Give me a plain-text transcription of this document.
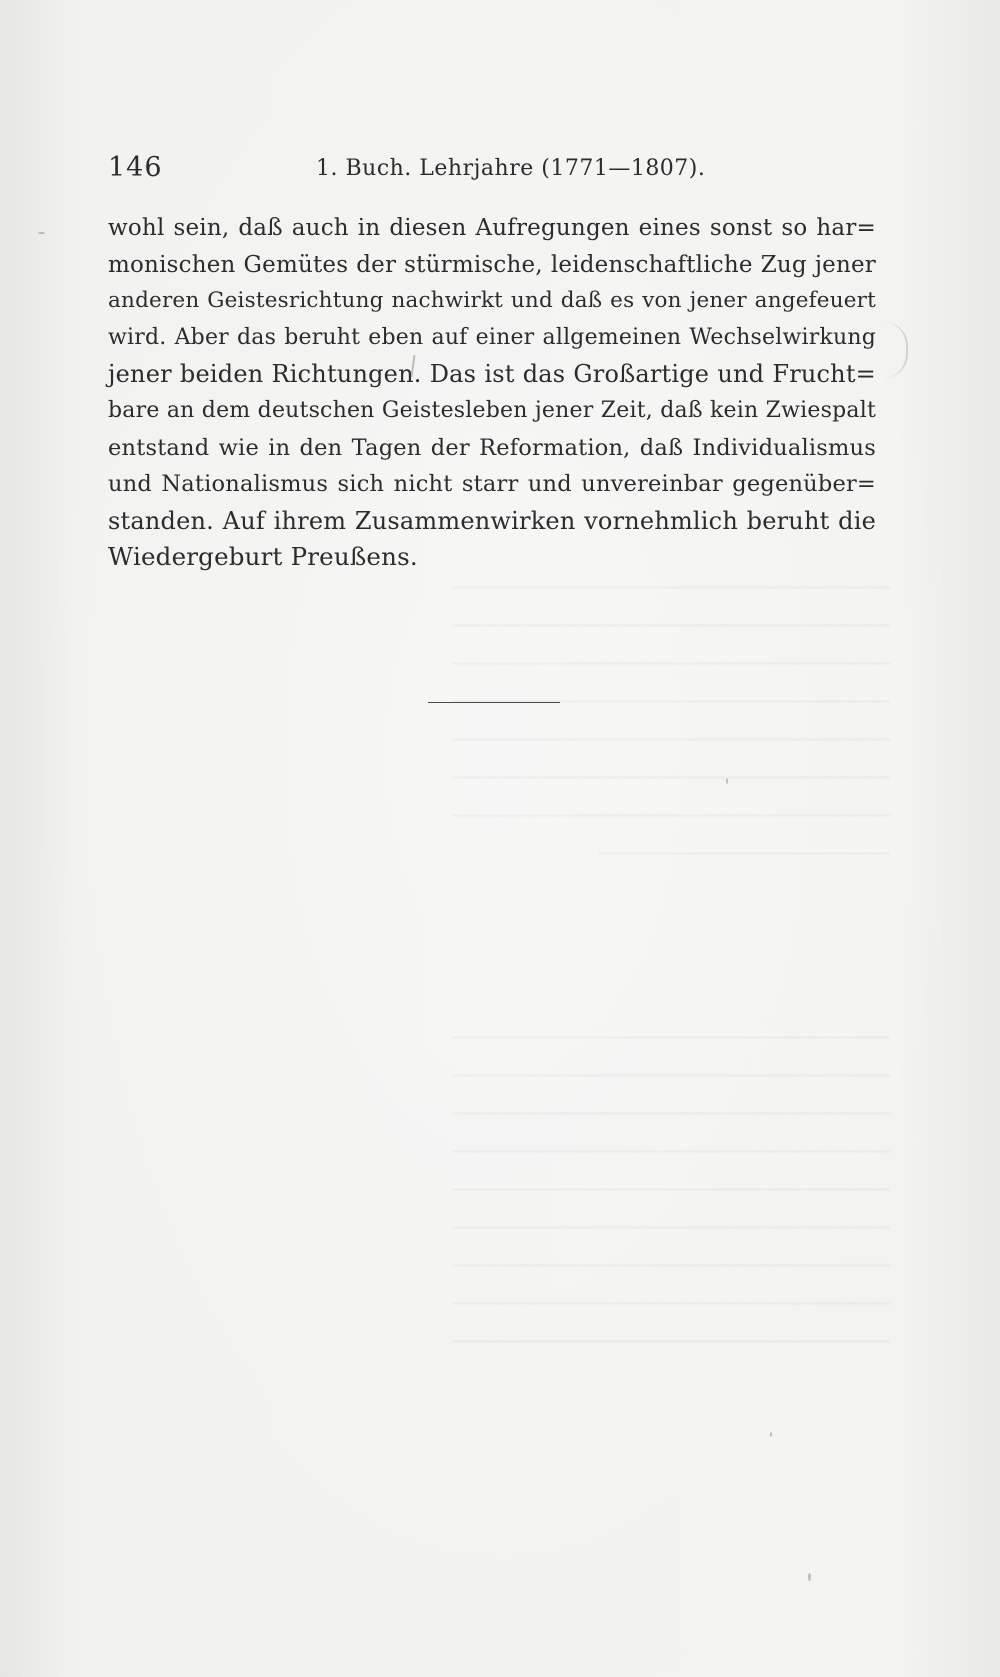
─────────────────────────────────
─────────────────────────────────
─────────────────────────────────
─────────────────────────────────
─────────────────────────────────
─────────────────────────────────
─────────────────────────────────
──────────────────────
─────────────────────────────────
─────────────────────────────────
─────────────────────────────────
─────────────────────────────────
─────────────────────────────────
─────────────────────────────────
─────────────────────────────────
─────────────────────────────────
─────────────────────────────────
146	1. Buch. Lehrjahre (1771—1807).
wohl sein, daß auch in diesen Aufregungen eines sonst so har=
monischen Gemütes der stürmische, leidenschaftliche Zug jener
anderen Geistesrichtung nachwirkt und daß es von jener angefeuert
wird. Aber das beruht eben auf einer allgemeinen Wechselwirkung
jener beiden Richtungen. Das ist das Großartige und Frucht=
bare an dem deutschen Geistesleben jener Zeit, daß kein Zwiespalt
entstand wie in den Tagen der Reformation, daß Individualismus
und Nationalismus sich nicht starr und unvereinbar gegenüber=
standen. Auf ihrem Zusammenwirken vornehmlich beruht die
Wiedergeburt Preußens.
